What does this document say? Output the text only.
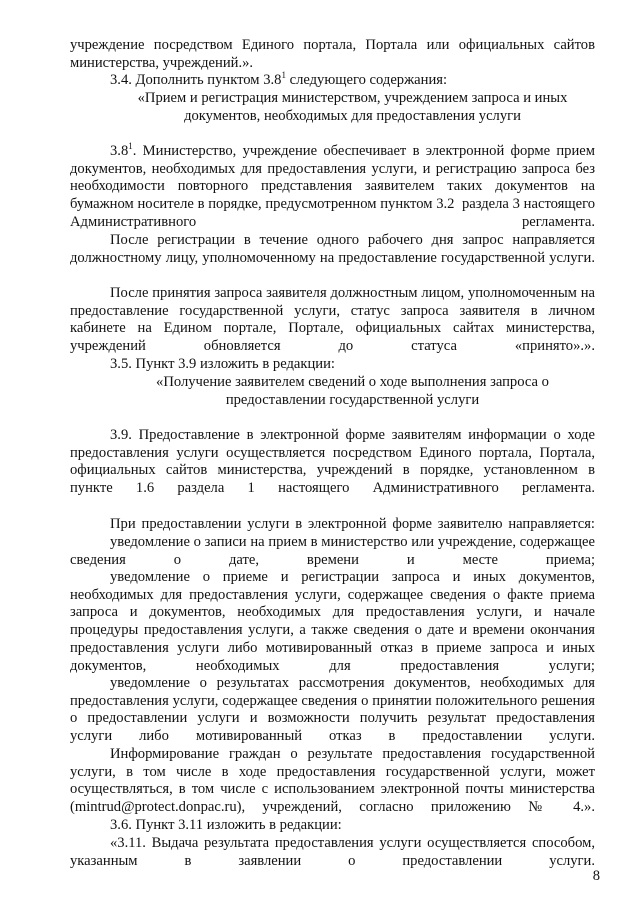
учреждение посредством Единого портала, Портала или официальных сайтов министерства, учреждений.».

3.4. Дополнить пунктом $3.8^1$ следующего содержания:

«Прием и регистрация министерством, учреждением запроса и иных документов, необходимых для предоставления услуги

$3.8^1$. Министерство, учреждение обеспечивает в электронной форме прием документов, необходимых для предоставления услуги, и регистрацию запроса без необходимости повторного представления заявителем таких документов на бумажном носителе в порядке, предусмотренном пунктом 3.2  раздела 3 настоящего Административного регламента.

После регистрации в течение одного рабочего дня запрос направляется должностному лицу, уполномоченному на предоставление государственной услуги.

После принятия запроса заявителя должностным лицом, уполномоченным на предоставление государственной услуги, статус запроса заявителя в личном кабинете на Едином портале, Портале, официальных сайтах министерства, учреждений обновляется до статуса «принято».».

3.5. Пункт 3.9 изложить в редакции:

«Получение заявителем сведений о ходе выполнения запроса о предоставлении государственной услуги

3.9. Предоставление в электронной форме заявителям информации о ходе предоставления услуги осуществляется посредством Единого портала, Портала, официальных сайтов министерства, учреждений в порядке, установленном в пункте 1.6 раздела 1 настоящего Административного регламента.

При предоставлении услуги в электронной форме заявителю направляется:

уведомление о записи на прием в министерство или учреждение, содержащее сведения о дате, времени и месте приема;

уведомление о приеме и регистрации запроса и иных документов, необходимых для предоставления услуги, содержащее сведения о факте приема запроса и документов, необходимых для предоставления услуги, и начале процедуры предоставления услуги, а также сведения о дате и времени окончания предоставления услуги либо мотивированный отказ в приеме запроса и иных документов, необходимых для предоставления услуги;

уведомление о результатах рассмотрения документов, необходимых для предоставления услуги, содержащее сведения о принятии положительного решения о предоставлении услуги и возможности получить результат предоставления услуги либо мотивированный отказ в предоставлении услуги.

Информирование граждан о результате предоставления государственной услуги, в том числе в ходе предоставления государственной услуги, может осуществляться, в том числе с использованием электронной почты министерства (mintrud@protect.donpac.ru), учреждений, согласно приложению № 4.».

3.6. Пункт 3.11 изложить в редакции:

«3.11. Выдача результата предоставления услуги осуществляется способом, указанным в заявлении о предоставлении услуги.

8
